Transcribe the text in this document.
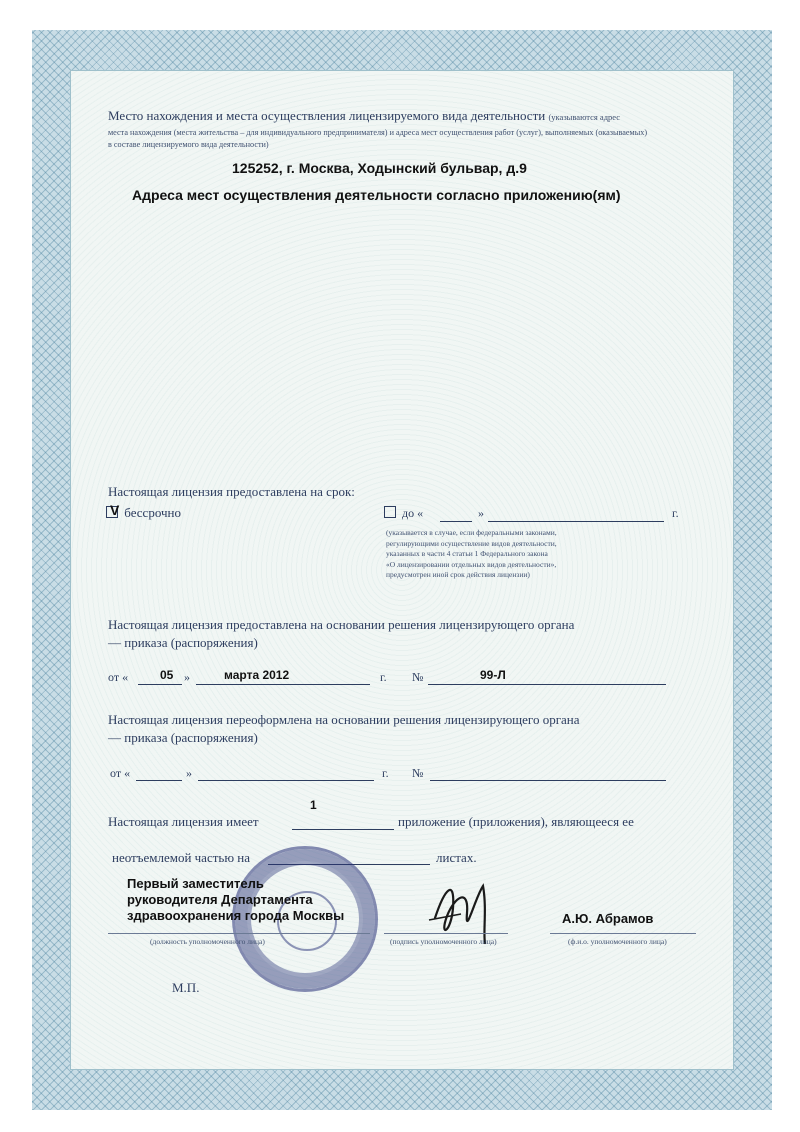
Место нахождения и места осуществления лицензируемого вида деятельности (указываются адрес
места нахождения (места жительства – для индивидуального предпринимателя) и адреса мест осуществления работ (услуг), выполняемых (оказываемых)
в составе лицензируемого вида деятельности)
125252, г. Москва, Ходынский бульвар, д.9
Адреса мест осуществления деятельности согласно приложению(ям)
Настоящая лицензия предоставлена на срок:

V бессрочно	до «	»	г.
(указывается в случае, если федеральными законами,
регулирующими осуществление видов деятельности,
указанных в части 4 статьи 1 Федерального закона
«О лицензировании отдельных видов деятельности»,
предусмотрен иной срок действия лицензии)
Настоящая лицензия предоставлена на основании решения лицензирующего органа
— приказа (распоряжения)
от «	05 »	марта 2012	г. №	99-Л
Настоящая лицензия переоформлена на основании решения лицензирующего органа
— приказа (распоряжения)
от «	»	г. №
1
Настоящая лицензия имеет	приложение (приложения), являющееся ее
неотъемлемой частью на	листах.
Первый заместитель
руководителя Департамента
здравоохранения города Москвы	А.Ю. Абрамов
(должность уполномоченного лица)	(подпись уполномоченного лица)	(ф.и.о. уполномоченного лица)
М.П.
